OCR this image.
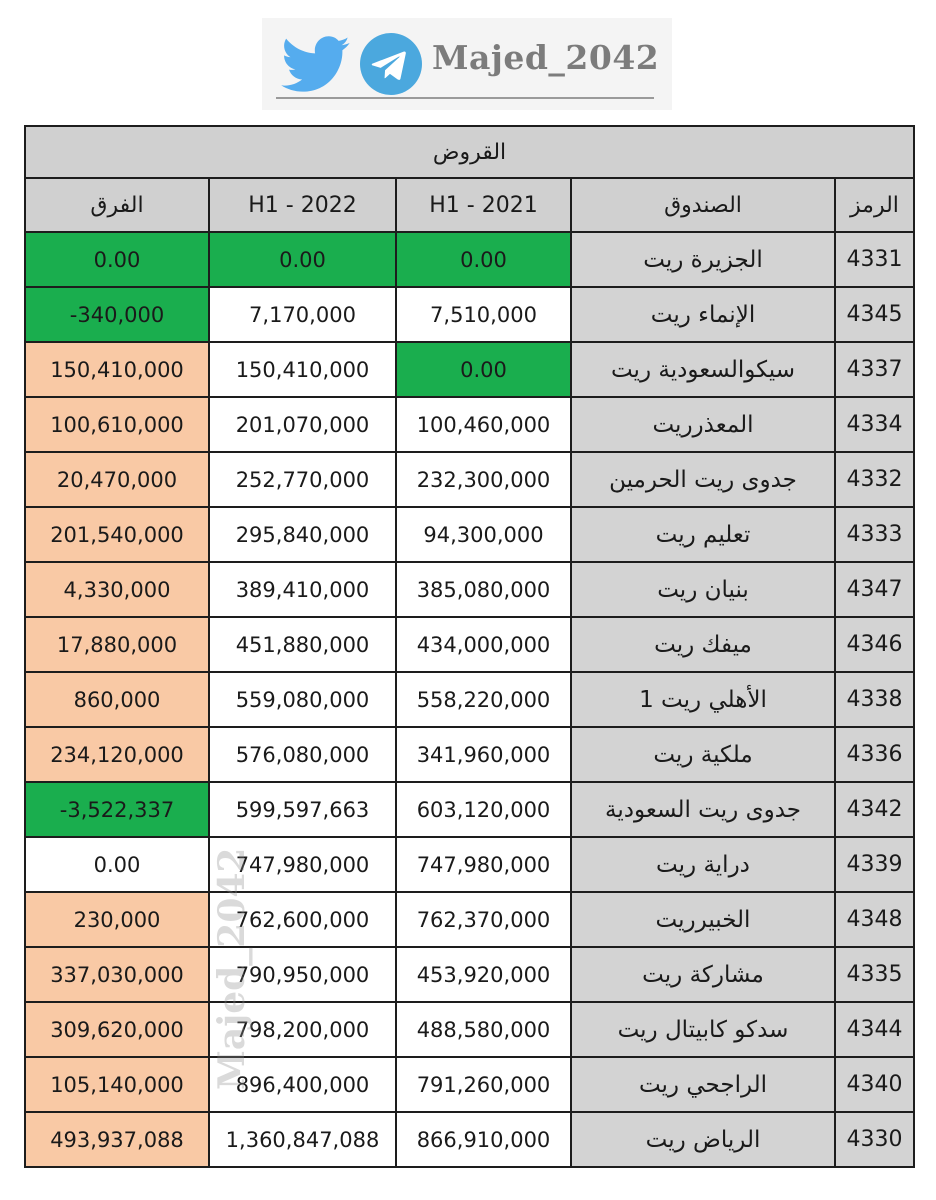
Majed_2042
القروض				
الفرق	H1 - 2022	H1 - 2021	الصندوق	الرمز
0.00	0.00	0.00	الجزيرة ريت	4331
-340,000	7,170,000	7,510,000	الإنماء ريت	4345
150,410,000	150,410,000	0.00	سيكوالسعودية ريت	4337
100,610,000	201,070,000	100,460,000	المعذرريت	4334
20,470,000	252,770,000	232,300,000	جدوى ريت الحرمين	4332
201,540,000	295,840,000	94,300,000	تعليم ريت	4333
4,330,000	389,410,000	385,080,000	بنيان ريت	4347
17,880,000	451,880,000	434,000,000	ميفك ريت	4346
860,000	559,080,000	558,220,000	الأهلي ريت 1	4338
234,120,000	576,080,000	341,960,000	ملكية ريت	4336
-3,522,337	599,597,663	603,120,000	جدوى ريت السعودية	4342
0.00	747,980,000	747,980,000	دراية ريت	4339
230,000	762,600,000	762,370,000	الخبيرريت	4348
337,030,000	790,950,000	453,920,000	مشاركة ريت	4335
309,620,000	798,200,000	488,580,000	سدكو كابيتال ريت	4344
105,140,000	896,400,000	791,260,000	الراجحي ريت	4340
493,937,088	1,360,847,088	866,910,000	الرياض ريت	4330
Majed_2042
